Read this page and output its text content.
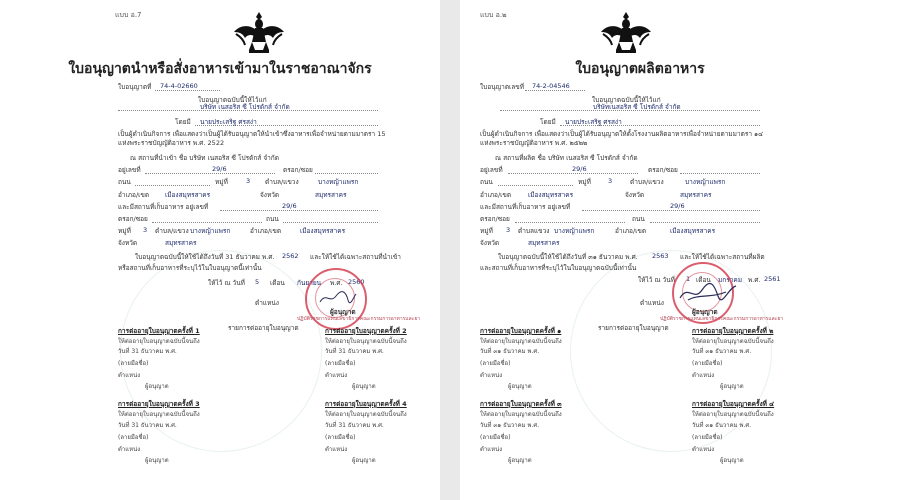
แบบ อ.7
ใบอนุญาตนำหรือสั่งอาหารเข้ามาในราชอาณาจักร
ใบอนุญาตที่ 74-4-02660
ใบอนุญาตฉบับนี้ให้ไว้แก่
บริษัท เนสอริส ซี โปรดักส์ จำกัด
โดยมี นายประเสริฐ ศรสง่า
เป็นผู้ดำเนินกิจการ เพื่อแสดงว่าเป็นผู้ได้รับอนุญาตให้นำเข้าซึ่งอาหารเพื่อจำหน่ายตามมาตรา 15
แห่งพระราชบัญญัติอาหาร พ.ศ. 2522
ณ สถานที่นำเข้า ชื่อ บริษัท เนสอริส ซี โปรดักส์ จำกัด
อยู่เลขที่	29/6	ตรอก/ซอย
ถนน	หมู่ที่	3 ตำบล/แขวง	บางหญ้าแพรก
อำเภอ/เขต เมืองสมุทรสาคร	จังหวัด	สมุทรสาคร
และมีสถานที่เก็บอาหาร อยู่เลขที่	29/6
ตรอก/ซอย	ถนน
หมู่ที่ 3 ตำบล/แขวง บางหญ้าแพรก	อำเภอ/เขต	เมืองสมุทรสาคร
จังหวัด	สมุทรสาคร
ใบอนุญาตฉบับนี้ให้ใช้ได้ถึงวันที่ 31 ธันวาคม พ.ศ. 2562 และให้ใช้ได้เฉพาะสถานที่นำเข้า
หรือสถานที่เก็บอาหารที่ระบุไว้ในใบอนุญาตนี้เท่านั้น
ให้ไว้ ณ วันที่ 5 เดือน กันยายน พ.ศ. 2560
ตำแหน่ง
ผู้อนุญาต
ปฏิบัติราชการแทนเลขาธิการคณะกรรมการอาหารและยา
รายการต่ออายุใบอนุญาต
การต่ออายุใบอนุญาตครั้งที่ 1
ให้ต่ออายุใบอนุญาตฉบับนี้จนถึง
วันที่ 31 ธันวาคม พ.ศ.
(ลายมือชื่อ)
ตำแหน่ง
ผู้อนุญาต
การต่ออายุใบอนุญาตครั้งที่ 2
ให้ต่ออายุใบอนุญาตฉบับนี้จนถึง
วันที่ 31 ธันวาคม พ.ศ.
(ลายมือชื่อ)
ตำแหน่ง
ผู้อนุญาต
การต่ออายุใบอนุญาตครั้งที่ 3
ให้ต่ออายุใบอนุญาตฉบับนี้จนถึง
วันที่ 31 ธันวาคม พ.ศ.
(ลายมือชื่อ)
ตำแหน่ง
ผู้อนุญาต
การต่ออายุใบอนุญาตครั้งที่ 4
ให้ต่ออายุใบอนุญาตฉบับนี้จนถึง
วันที่ 31 ธันวาคม พ.ศ.
(ลายมือชื่อ)
ตำแหน่ง
ผู้อนุญาต
แบบ อ.๒
ใบอนุญาตผลิตอาหาร
ใบอนุญาตเลขที่ 74-2-04546
ใบอนุญาตฉบับนี้ให้ไว้แก่
บริษัทเนสอริส ซี โปรดักส์ จำกัด
โดยมี นายประเสริฐ ศรสง่า
เป็นผู้ดำเนินกิจการ เพื่อแสดงว่าเป็นผู้ได้รับอนุญาตให้ตั้งโรงงานผลิตอาหารเพื่อจำหน่ายตามมาตรา ๑๔
แห่งพระราชบัญญัติอาหาร พ.ศ. ๒๕๒๒
ณ สถานที่ผลิต ชื่อ บริษัท เนสอริส ซี โปรดักส์ จำกัด
อยู่เลขที่	29/6	ตรอก/ซอย
ถนน	หมู่ที่	3	ตำบล/แขวง	บางหญ้าแพรก
อำเภอ/เขต	เมืองสมุทรสาคร	จังหวัด	สมุทรสาคร
และมีสถานที่เก็บอาหาร อยู่เลขที่	29/6
ตรอก/ซอย	ถนน
หมู่ที่ 3 ตำบลแขวง บางหญ้าแพรก	อำเภอ/เขต	เมืองสมุทรสาคร
จังหวัด	สมุทรสาคร
ใบอนุญาตฉบับนี้ให้ใช้ได้ถึงวันที่ ๓๑ ธันวาคม พ.ศ. 2563 และให้ใช้ได้เฉพาะสถานที่ผลิต
และสถานที่เก็บอาหารที่ระบุไว้ในใบอนุญาตฉบับนี้เท่านั้น
ให้ไว้ ณ วันที่ 1 เดือน มกราคม พ.ศ. 2561
ตำแหน่ง
ผู้อนุญาต
ปฏิบัติราชการแทนเลขาธิการคณะกรรมการอาหารและยา
รายการต่ออายุใบอนุญาต
การต่ออายุใบอนุญาตครั้งที่ ๑
ให้ต่ออายุใบอนุญาตฉบับนี้จนถึง
วันที่ ๓๑ ธันวาคม พ.ศ.
(ลายมือชื่อ)
ตำแหน่ง
ผู้อนุญาต
การต่ออายุใบอนุญาตครั้งที่ ๒
ให้ต่ออายุใบอนุญาตฉบับนี้จนถึง
วันที่ ๓๑ ธันวาคม พ.ศ.
(ลายมือชื่อ)
ตำแหน่ง
ผู้อนุญาต
การต่ออายุใบอนุญาตครั้งที่ ๓
ให้ต่ออายุใบอนุญาตฉบับนี้จนถึง
วันที่ ๓๑ ธันวาคม พ.ศ.
(ลายมือชื่อ)
ตำแหน่ง
ผู้อนุญาต
การต่ออายุใบอนุญาตครั้งที่ ๔
ให้ต่ออายุใบอนุญาตฉบับนี้จนถึง
วันที่ ๓๑ ธันวาคม พ.ศ.
(ลายมือชื่อ)
ตำแหน่ง
ผู้อนุญาต
